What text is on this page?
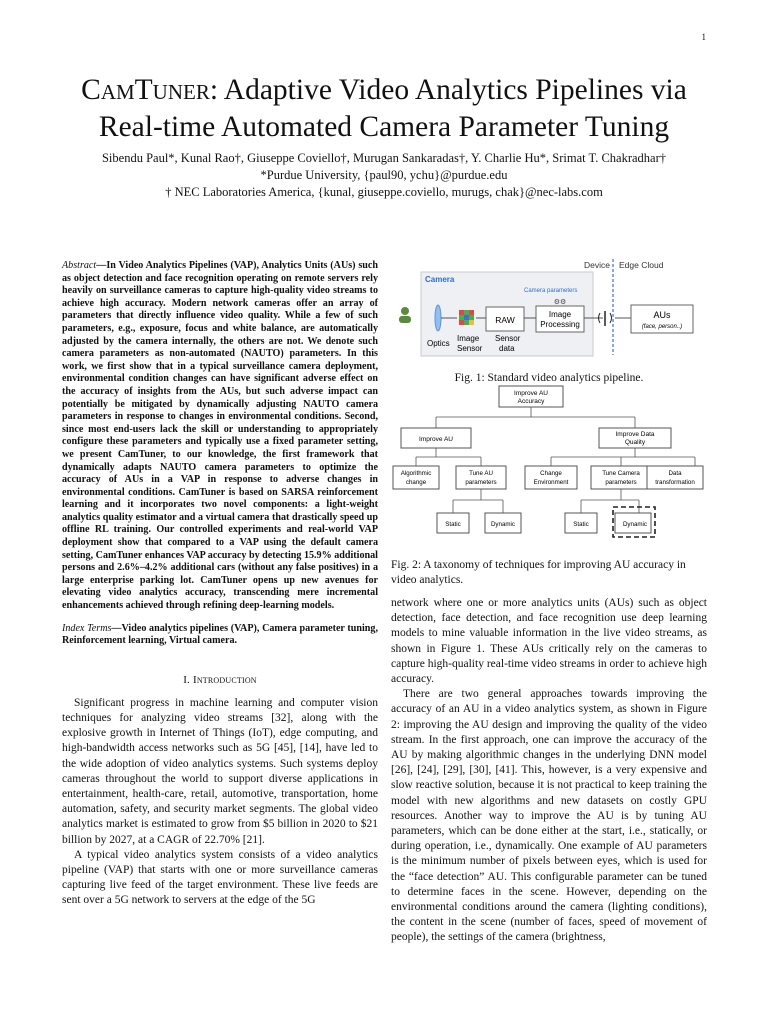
1
CamTuner: Adaptive Video Analytics Pipelines via
Real-time Automated Camera Parameter Tuning
Sibendu Paul*, Kunal Rao†, Giuseppe Coviello†, Murugan Sankaradas†, Y. Charlie Hu*, Srimat T. Chakradhar†
*Purdue University, {paul90, ychu}@purdue.edu
† NEC Laboratories America, {kunal, giuseppe.coviello, murugs, chak}@nec-labs.com

Abstract—In Video Analytics Pipelines (VAP), Analytics Units (AUs) such as object detection and face recognition operating on remote servers rely heavily on surveillance cameras to capture high-quality video streams to achieve high accuracy. Modern network cameras offer an array of parameters that directly influence video quality. While a few of such parameters, e.g., exposure, focus and white balance, are automatically adjusted by the camera internally, the others are not. We denote such camera parameters as non-automated (NAUTO) parameters. In this work, we first show that in a typical surveillance camera deployment, environmental condition changes can have significant adverse effect on the accuracy of insights from the AUs, but such adverse impact can potentially be mitigated by dynamically adjusting NAUTO camera parameters in response to changes in environmental conditions. Second, since most end-users lack the skill or understanding to appropriately configure these parameters and typically use a fixed parameter setting, we present CamTuner, to our knowledge, the first framework that dynamically adapts NAUTO camera parameters to optimize the accuracy of AUs in a VAP in response to adverse changes in environmental conditions. CamTuner is based on SARSA reinforcement learning and it incorporates two novel components: a light-weight analytics quality estimator and a virtual camera that drastically speed up offline RL training. Our controlled experiments and real-world VAP deployment show that compared to a VAP using the default camera setting, CamTuner enhances VAP accuracy by detecting 15.9% additional persons and 2.6%–4.2% additional cars (without any false positives) in a large enterprise parking lot. CamTuner opens up new avenues for elevating video analytics accuracy, transcending mere incremental enhancements achieved through refining deep-learning models.

Index Terms—Video analytics pipelines (VAP), Camera parameter tuning, Reinforcement learning, Virtual camera.

I. Introduction

Significant progress in machine learning and computer vision techniques for analyzing video streams [32], along with the explosive growth in Internet of Things (IoT), edge computing, and high-bandwidth access networks such as 5G [45], [14], have led to the wide adoption of video analytics systems. Such systems deploy cameras throughout the world to support diverse applications in entertainment, health-care, retail, automotive, transportation, home automation, safety, and security market segments. The global video analytics market is estimated to grow from $5 billion in 2020 to $21 billion by 2027, at a CAGR of 22.70% [21].

A typical video analytics system consists of a video analytics pipeline (VAP) that starts with one or more surveillance cameras capturing live feed of the target environment. These live feeds are sent over a 5G network to servers at the edge of the 5G

Device Edge Cloud
Camera
Camera parameters
RAW
⚙⚙
Image
Processing
AUs
(face, person..)
Optics
Image
Sensor
Sensor
data

Fig. 1: Standard video analytics pipeline.

Improve AU
Accuracy
Improve AU
Improve Data
Quality
Algorithmic
change
Tune AU
parameters
Change
Environment
Tune Camera
parameters
Data
transformation
Static	Dynamic	Static	Dynamic

Fig. 2: A taxonomy of techniques for improving AU accuracy in video analytics.

network where one or more analytics units (AUs) such as object detection, face detection, and face recognition use deep learning models to mine valuable information in the live video streams, as shown in Figure 1. These AUs critically rely on the cameras to capture high-quality real-time video streams in order to achieve high accuracy.

There are two general approaches towards improving the accuracy of an AU in a video analytics system, as shown in Figure 2: improving the AU design and improving the quality of the video stream. In the first approach, one can improve the accuracy of the AU by making algorithmic changes in the underlying DNN model [26], [24], [29], [30], [41]. This, however, is a very expensive and slow reactive solution, because it is not practical to keep training the model with new algorithms and new datasets on costly GPU resources. Another way to improve the AU is by tuning AU parameters, which can be done either at the start, i.e., statically, or during operation, i.e., dynamically. One example of AU parameters is the minimum number of pixels between eyes, which is used for the “face detection” AU. This configurable parameter can be tuned to determine faces in the scene. However, depending on the environmental conditions around the camera (lighting conditions), the content in the scene (number of faces, speed of movement of people), the settings of the camera (brightness,
